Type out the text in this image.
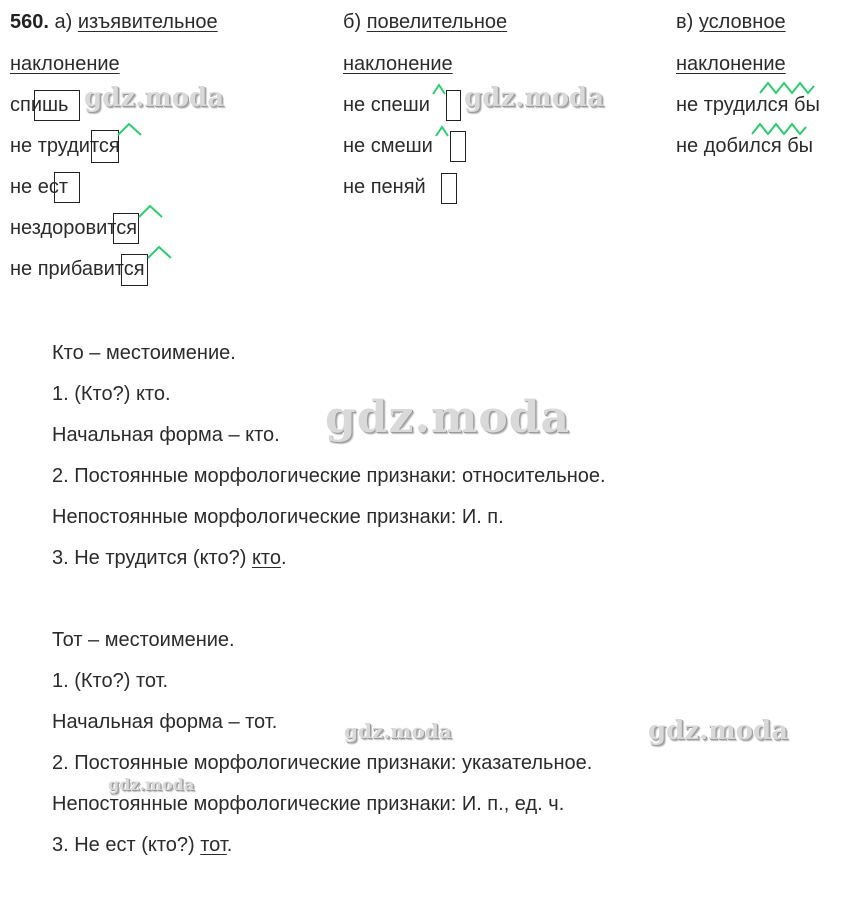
560. а) изъявительное	б) повелительное	в) условное
наклонение	наклонение	наклонение
спишь
не трудится
не ест
нездоровится
не прибавится
не спеши
не смеши
не пеняй
не трудился бы
не добился бы
Кто – местоимение.
1. (Кто?) кто.
Начальная форма – кто.
2. Постоянные морфологические признаки: относительное.
Непостоянные морфологические признаки: И. п.
3. Не трудится (кто?) кто.
Тот – местоимение.
1. (Кто?) тот.
Начальная форма – тот.
2. Постоянные морфологические признаки: указательное.
Непостоянные морфологические признаки: И. п., ед. ч.
3. Не ест (кто?) тот.
gdz.moda	gdz.moda
gdz.moda
gdz.moda	gdz.moda
gdz.moda
